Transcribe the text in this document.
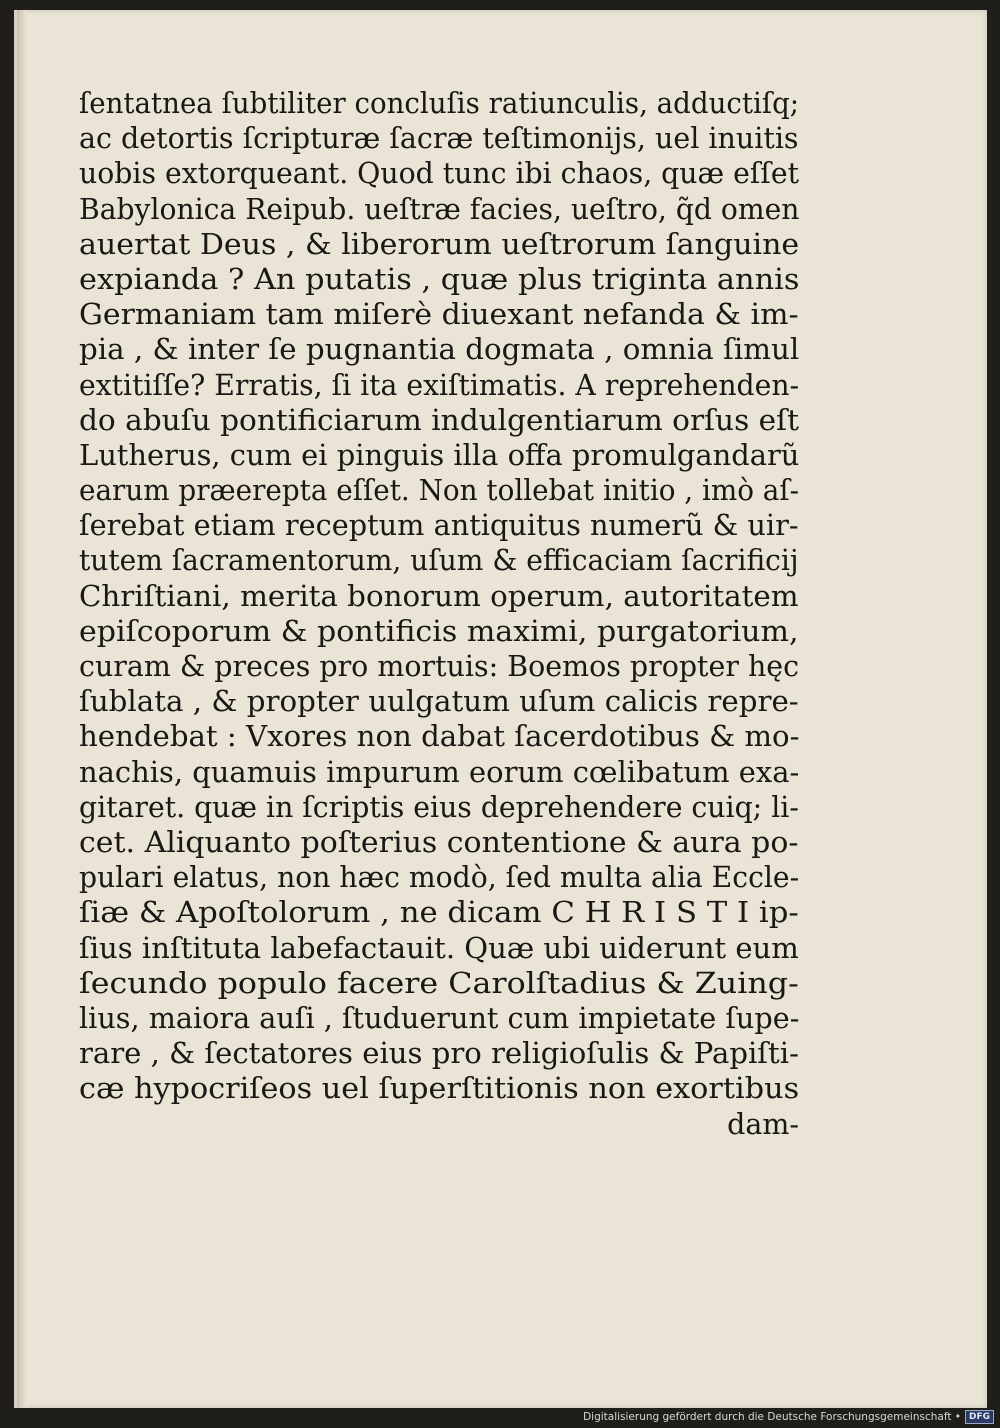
ſentatnea ſubtiliter concluſis ratiunculis, adductiſq;
ac detortis ſcripturæ ſacræ teſtimonijs, uel inuitis
uobis extorqueant. Quod tunc ibi chaos, quæ eſſet
Babylonica Reipub. ueſtræ facies, ueſtro, q̃d omen
auertat Deus , & liberorum ueſtrorum ſanguine
expianda ? An putatis , quæ plus triginta annis
Germaniam tam miſerè diuexant nefanda & im-
pia , & inter ſe pugnantia dogmata , omnia ſimul
extitiſſe? Erratis, ſi ita exiſtimatis. A reprehenden-
do abuſu pontificiarum indulgentiarum orſus eſt
Lutherus, cum ei pinguis illa offa promulgandarũ
earum præerepta eſſet. Non tollebat initio , imò aſ-
ſerebat etiam receptum antiquitus numerũ & uir-
tutem ſacramentorum, uſum & efficaciam ſacrificij
Chriſtiani, merita bonorum operum, autoritatem
epiſcoporum & pontificis maximi, purgatorium,
curam & preces pro mortuis: Boemos propter hęc
ſublata , & propter uulgatum uſum calicis repre-
hendebat : Vxores non dabat ſacerdotibus & mo-
nachis, quamuis impurum eorum cœlibatum exa-
gitaret. quæ in ſcriptis eius deprehendere cuiq; li-
cet. Aliquanto poſterius contentione & aura po-
pulari elatus, non hæc modò, ſed multa alia Eccle-
ſiæ & Apoſtolorum , ne dicam C H R I S T I ip-
ſius inſtituta labefactauit. Quæ ubi uiderunt eum
ſecundo populo facere Carolſtadius & Zuing-
lius, maiora auſi , ſtuduerunt cum impietate ſupe-
rare , & ſectatores eius pro religioſulis & Papiſti-
cæ hypocriſeos uel ſuperſtitionis non exortibus
dam-
Digitalisierung gefördert durch die Deutsche Forschungsgemeinschaft • DFG
